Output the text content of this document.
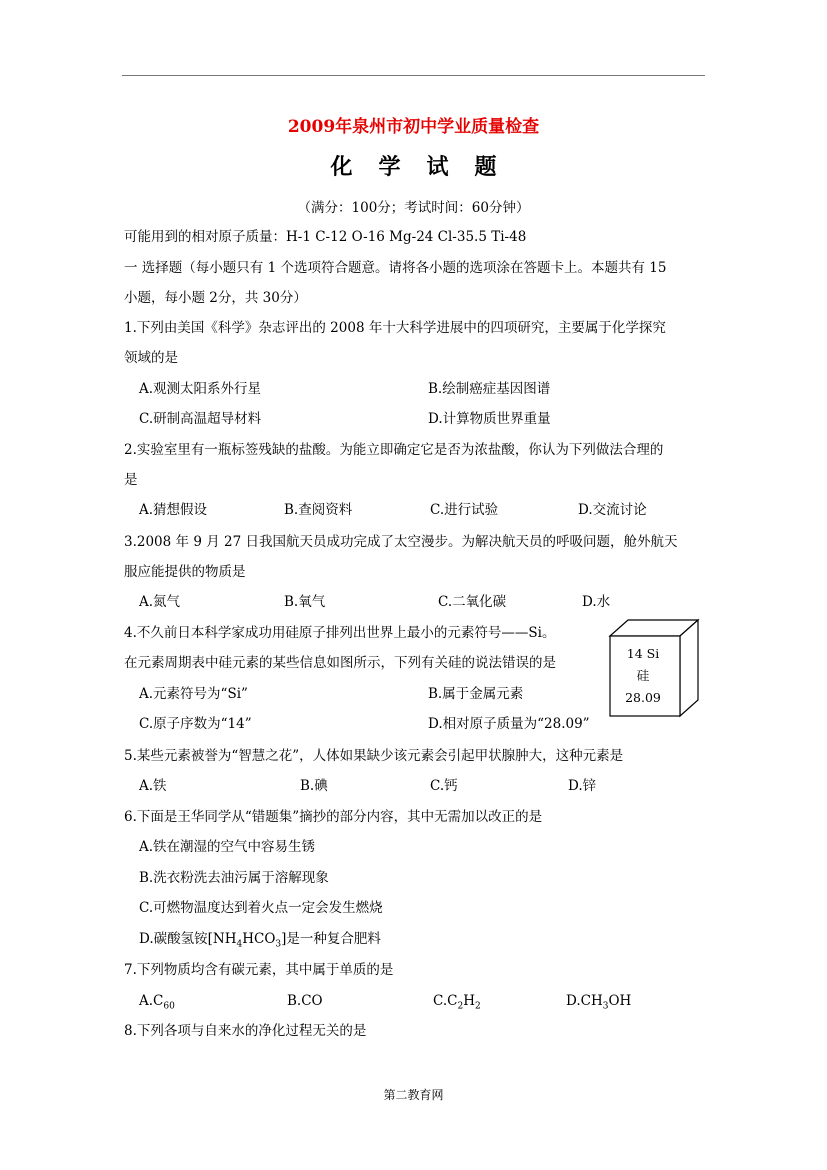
2009年泉州市初中学业质量检查
化学试题
（满分：100分；考试时间：60分钟）
可能用到的相对原子质量：H-1 C-12 O-16 Mg-24 Cl-35.5 Ti-48
一 选择题（每小题只有 1 个选项符合题意。请将各小题的选项涂在答题卡上。本题共有 15
小题，每小题 2分，共 30分）
1.下列由美国《科学》杂志评出的 2008 年十大科学进展中的四项研究，主要属于化学探究
领域的是
A.观测太阳系外行星	B.绘制癌症基因图谱
C.研制高温超导材料	D.计算物质世界重量
2.实验室里有一瓶标签残缺的盐酸。为能立即确定它是否为浓盐酸，你认为下列做法合理的
是
A.猜想假设	B.查阅资料	C.进行试验	D.交流讨论
3.2008 年 9 月 27 日我国航天员成功完成了太空漫步。为解决航天员的呼吸问题，舱外航天
服应能提供的物质是
A.氮气	B.氧气	C.二氧化碳	D.水
4.不久前日本科学家成功用硅原子排列出世界上最小的元素符号——Si。
在元素周期表中硅元素的某些信息如图所示，下列有关硅的说法错误的是
A.元素符号为“Si”	B.属于金属元素
C.原子序数为“14”	D.相对原子质量为“28.09”
14 Si
硅
28.09
5.某些元素被誉为“智慧之花”，人体如果缺少该元素会引起甲状腺肿大，这种元素是
A.铁	B.碘	C.钙	D.锌
6.下面是王华同学从“错题集”摘抄的部分内容，其中无需加以改正的是
A.铁在潮湿的空气中容易生锈
B.洗衣粉洗去油污属于溶解现象
C.可燃物温度达到着火点一定会发生燃烧
D.碳酸氢铵$[NH_4HCO_3]$是一种复合肥料
7.下列物质均含有碳元素，其中属于单质的是
$A.C_{60}$	B.CO	$C.C_2H_2$	$D.CH_3OH$
8.下列各项与自来水的净化过程无关的是
第二教育网
